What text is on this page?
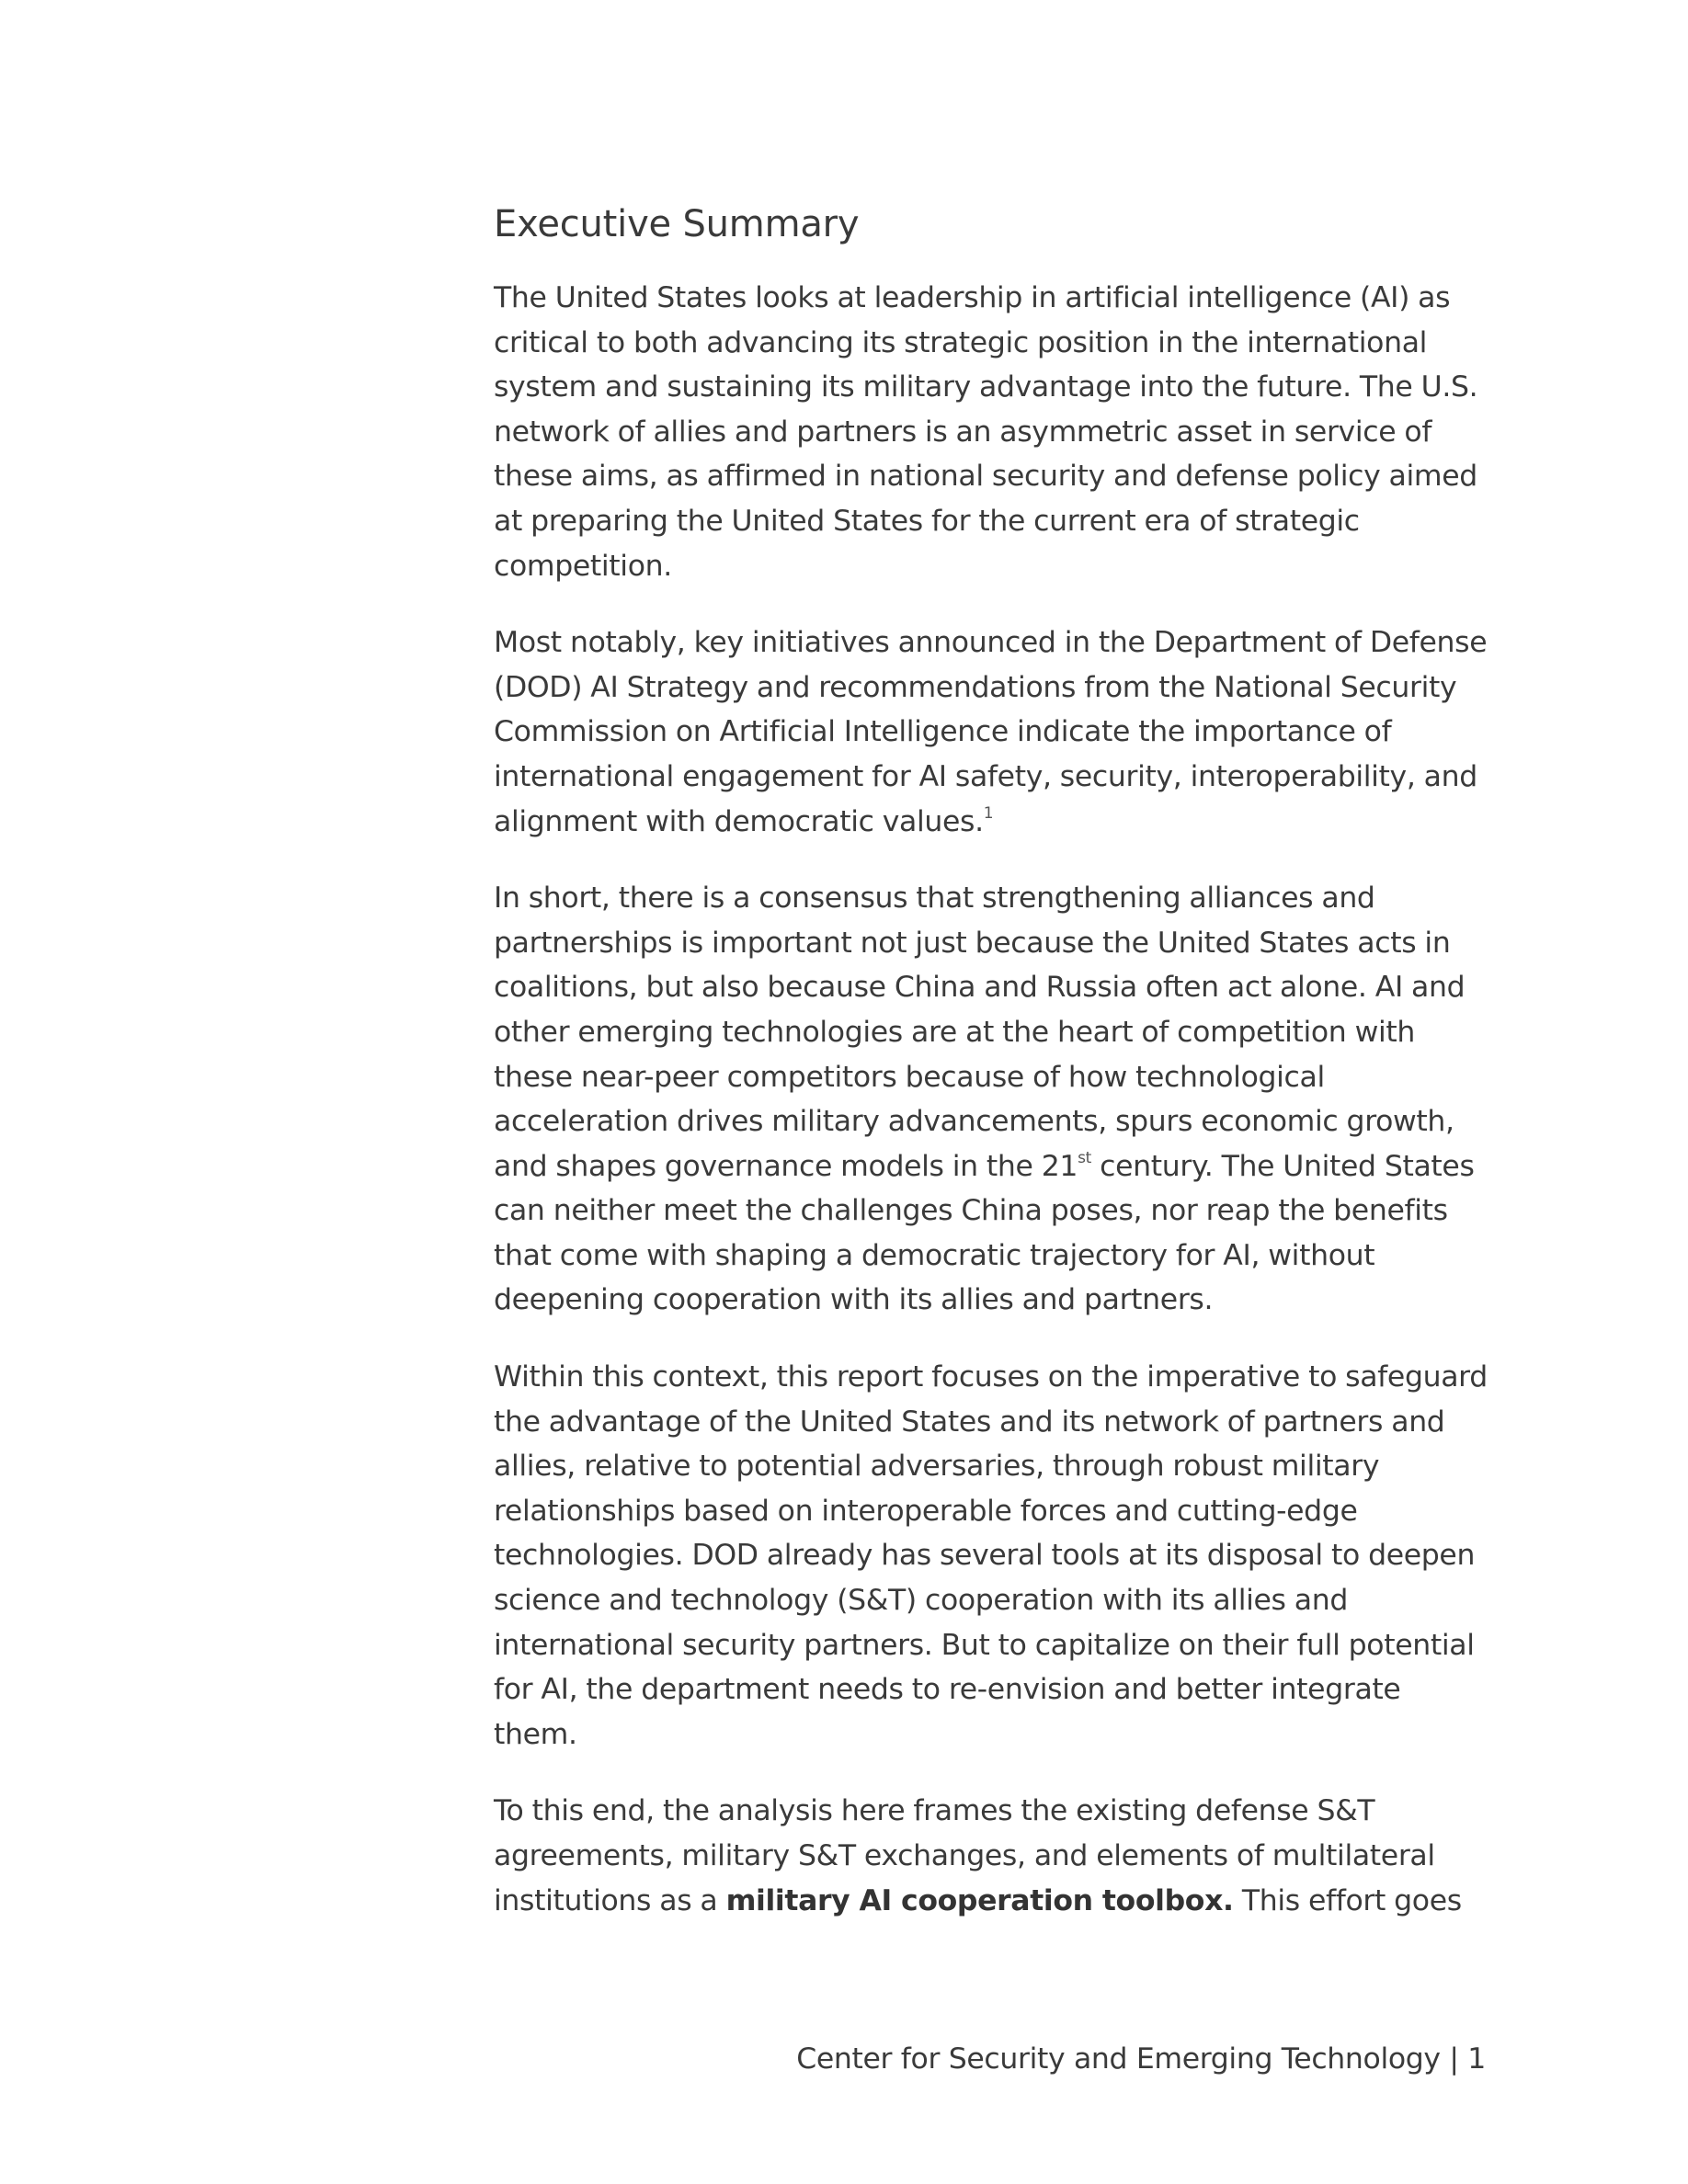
Executive Summary

The United States looks at leadership in artificial intelligence (AI) as critical to both advancing its strategic position in the international system and sustaining its military advantage into the future. The U.S. network of allies and partners is an asymmetric asset in service of these aims, as affirmed in national security and defense policy aimed at preparing the United States for the current era of strategic competition.

Most notably, key initiatives announced in the Department of Defense (DOD) AI Strategy and recommendations from the National Security Commission on Artificial Intelligence indicate the importance of international engagement for AI safety, security, interoperability, and alignment with democratic values.$^1$

In short, there is a consensus that strengthening alliances and partnerships is important not just because the United States acts in coalitions, but also because China and Russia often act alone. AI and other emerging technologies are at the heart of competition with these near-peer competitors because of how technological acceleration drives military advancements, spurs economic growth, and shapes governance models in the 21st century. The United States can neither meet the challenges China poses, nor reap the benefits that come with shaping a democratic trajectory for AI, without deepening cooperation with its allies and partners.

Within this context, this report focuses on the imperative to safeguard the advantage of the United States and its network of partners and allies, relative to potential adversaries, through robust military relationships based on interoperable forces and cutting-edge technologies. DOD already has several tools at its disposal to deepen science and technology (S&T) cooperation with its allies and international security partners. But to capitalize on their full potential for AI, the department needs to re-envision and better integrate them.

To this end, the analysis here frames the existing defense S&T agreements, military S&T exchanges, and elements of multilateral institutions as a military AI cooperation toolbox. This effort goes

Center for Security and Emerging Technology | 1
